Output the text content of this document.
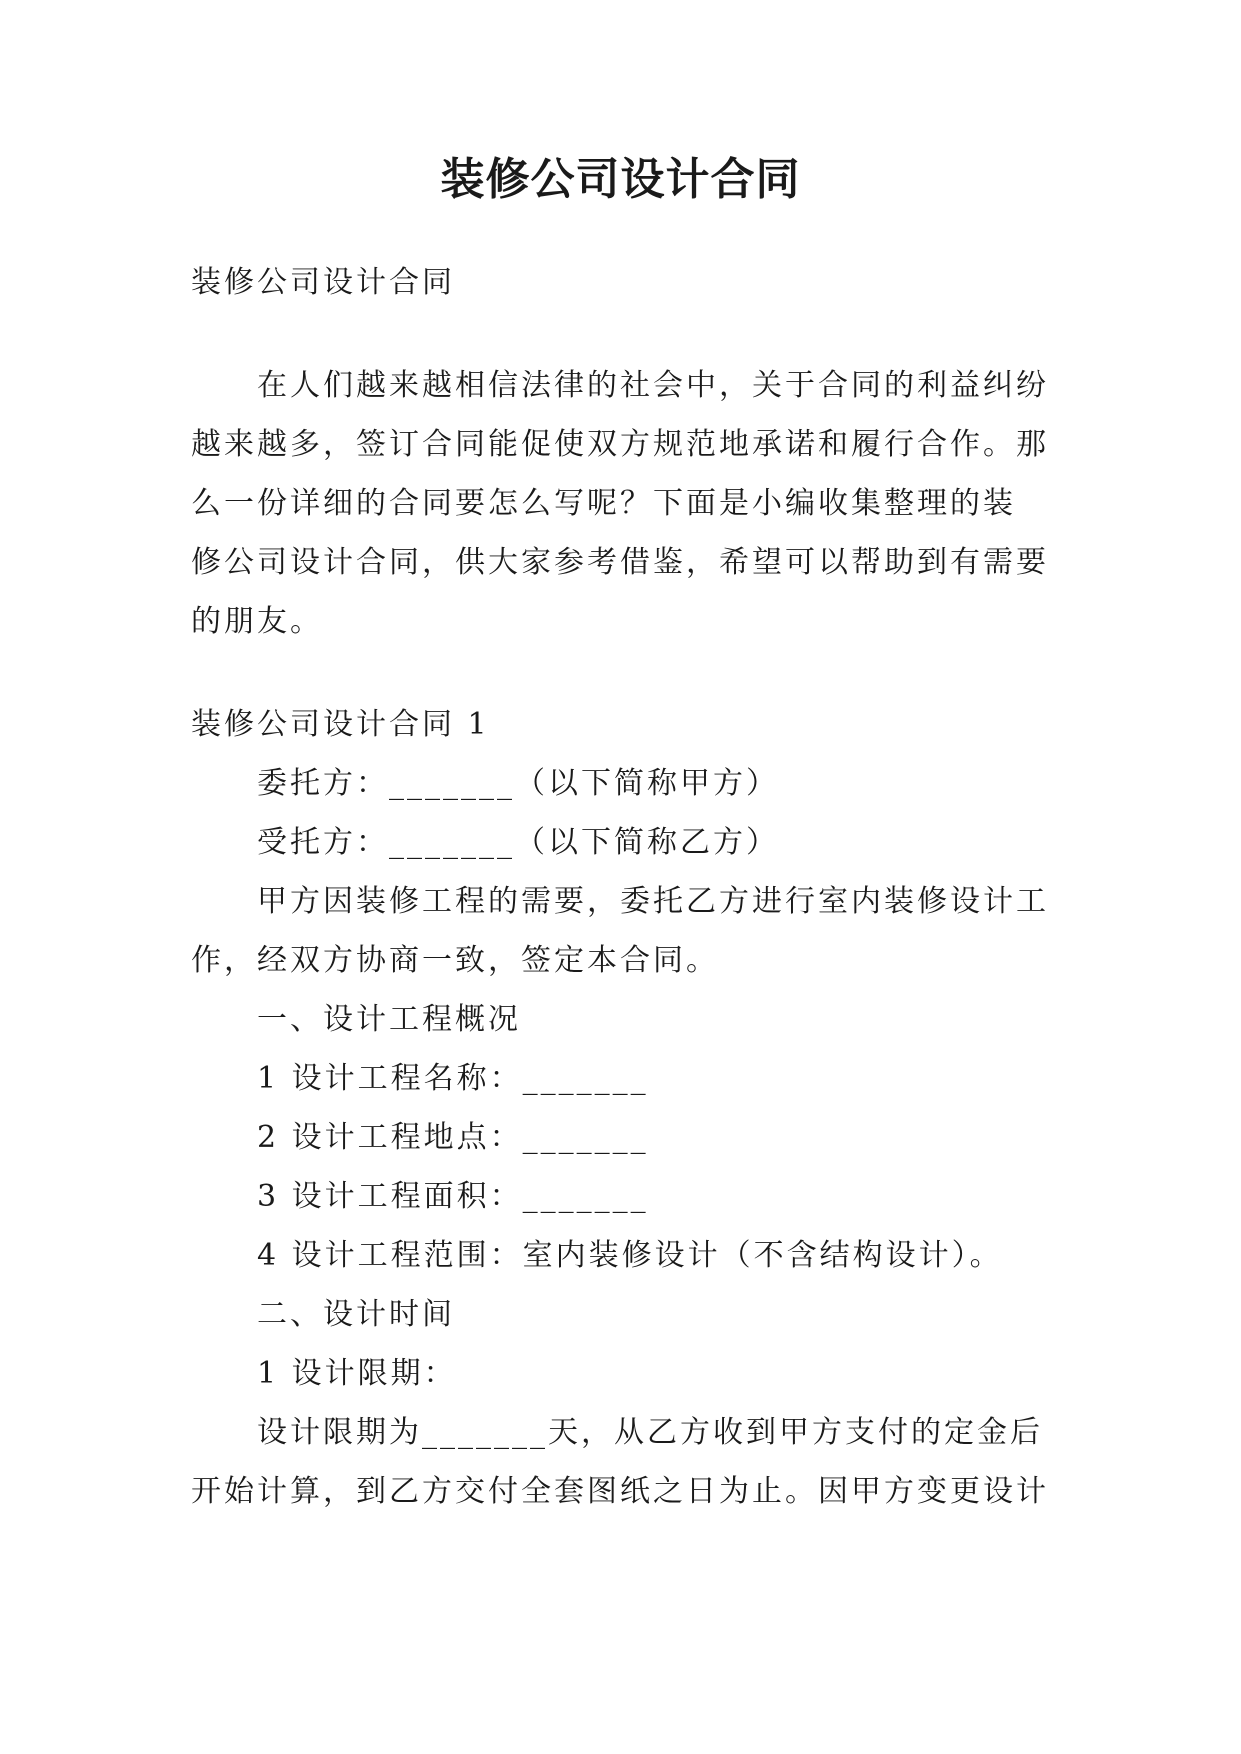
装修公司设计合同

装修公司设计合同

在人们越来越相信法律的社会中，关于合同的利益纠纷

越来越多，签订合同能促使双方规范地承诺和履行合作。那

么一份详细的合同要怎么写呢？下面是小编收集整理的装

修公司设计合同，供大家参考借鉴，希望可以帮助到有需要

的朋友。

装修公司设计合同 1

委托方：_______（以下简称甲方）

受托方：_______（以下简称乙方）

甲方因装修工程的需要，委托乙方进行室内装修设计工

作，经双方协商一致，签定本合同。

一、设计工程概况

1 设计工程名称：_______

2 设计工程地点：_______

3 设计工程面积：_______

4 设计工程范围：室内装修设计（不含结构设计）。

二、设计时间

1 设计限期：

设计限期为_______天，从乙方收到甲方支付的定金后

开始计算，到乙方交付全套图纸之日为止。因甲方变更设计
